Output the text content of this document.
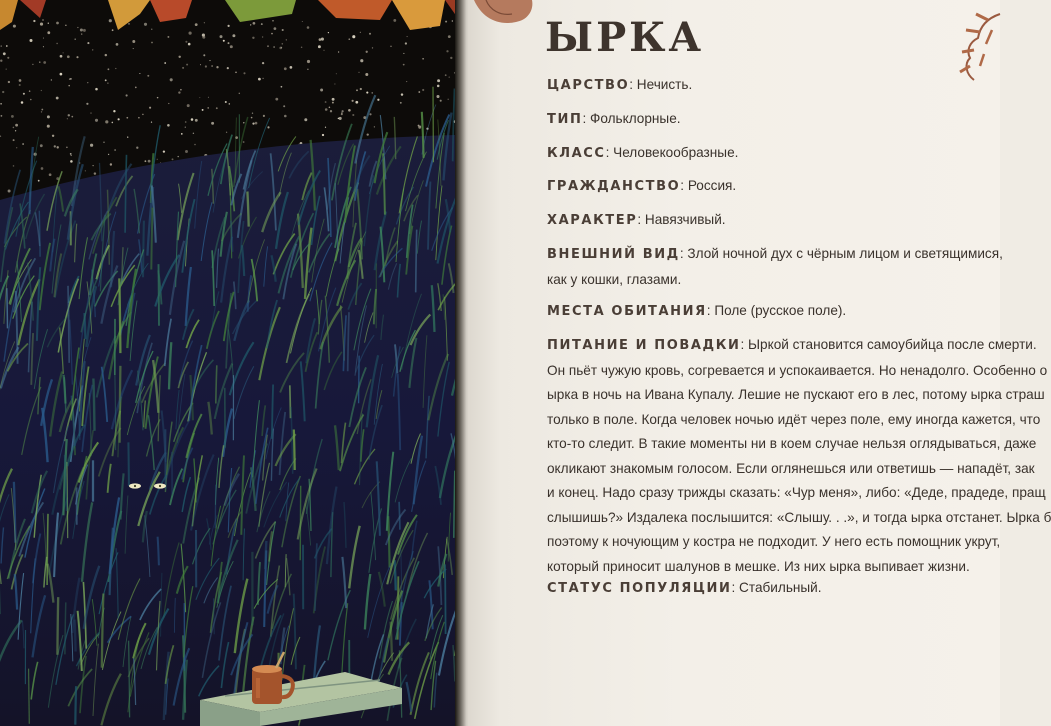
ЫРКА
ЦАРСТВО: Нечисть.
ТИП: Фольклорные.
КЛАСС: Человекообразные.
ГРАЖДАНСТВО: Россия.
ХАРАКТЕР: Навязчивый.
ВНЕШНИЙ ВИД: Злой ночной дух с чёрным лицом и светящимися,
как у кошки, глазами.
МЕСТА ОБИТАНИЯ: Поле (русское поле).
ПИТАНИЕ И ПОВАДКИ: Ыркой становится самоубийца после смерти.
Он пьёт чужую кровь, согревается и успокаивается. Но ненадолго. Особенно о
ырка в ночь на Ивана Купалу. Лешие не пускают его в лес, потому ырка страш
только в поле. Когда человек ночью идёт через поле, ему иногда кажется, что
кто-то следит. В такие моменты ни в коем случае нельзя оглядываться, даже
окликают знакомым голосом. Если оглянешься или ответишь — нападёт, зак
и конец. Надо сразу трижды сказать: «Чур меня», либо: «Деде, прадеде, пращ
слышишь?» Издалека послышится: «Слышу. . .», и тогда ырка отстанет. Ырка б
поэтому к ночующим у костра не подходит. У него есть помощник укрут,
который приносит шалунов в мешке. Из них ырка выпивает жизни.
СТАТУС ПОПУЛЯЦИИ: Стабильный.
